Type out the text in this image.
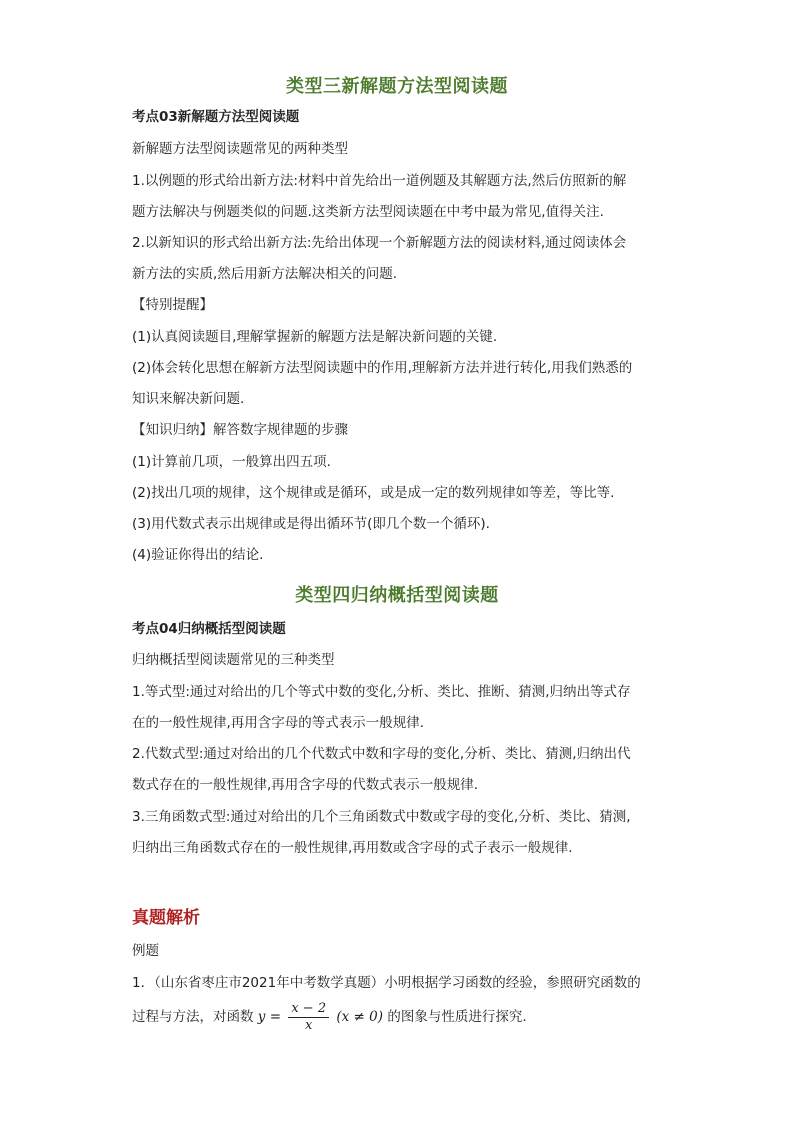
类型三新解题方法型阅读题
考点03新解题方法型阅读题
新解题方法型阅读题常见的两种类型
1.以例题的形式给出新方法:材料中首先给出一道例题及其解题方法,然后仿照新的解
题方法解决与例题类似的问题.这类新方法型阅读题在中考中最为常见,值得关注.
2.以新知识的形式给出新方法:先给出体现一个新解题方法的阅读材料,通过阅读体会
新方法的实质,然后用新方法解决相关的问题.
【特别提醒】
(1)认真阅读题目,理解掌握新的解题方法是解决新问题的关键.
(2)体会转化思想在解新方法型阅读题中的作用,理解新方法并进行转化,用我们熟悉的
知识来解决新问题.
【知识归纳】解答数字规律题的步骤
(1)计算前几项，一般算出四五项.
(2)找出几项的规律，这个规律或是循环，或是成一定的数列规律如等差，等比等.
(3)用代数式表示出规律或是得出循环节(即几个数一个循环).
(4)验证你得出的结论.
类型四归纳概括型阅读题
考点04归纳概括型阅读题
归纳概括型阅读题常见的三种类型
1.等式型:通过对给出的几个等式中数的变化,分析、类比、推断、猜测,归纳出等式存
在的一般性规律,再用含字母的等式表示一般规律.
2.代数式型:通过对给出的几个代数式中数和字母的变化,分析、类比、猜测,归纳出代
数式存在的一般性规律,再用含字母的代数式表示一般规律.
3.三角函数式型:通过对给出的几个三角函数式中数或字母的变化,分析、类比、猜测,
归纳出三角函数式存在的一般性规律,再用数或含字母的式子表示一般规律.
真题解析
例题
1．（山东省枣庄市2021年中考数学真题）小明根据学习函数的经验，参照研究函数的
过程与方法，对函数 $y = \frac{x - 2}{x} (x \ne 0)$ 的图象与性质进行探究.
